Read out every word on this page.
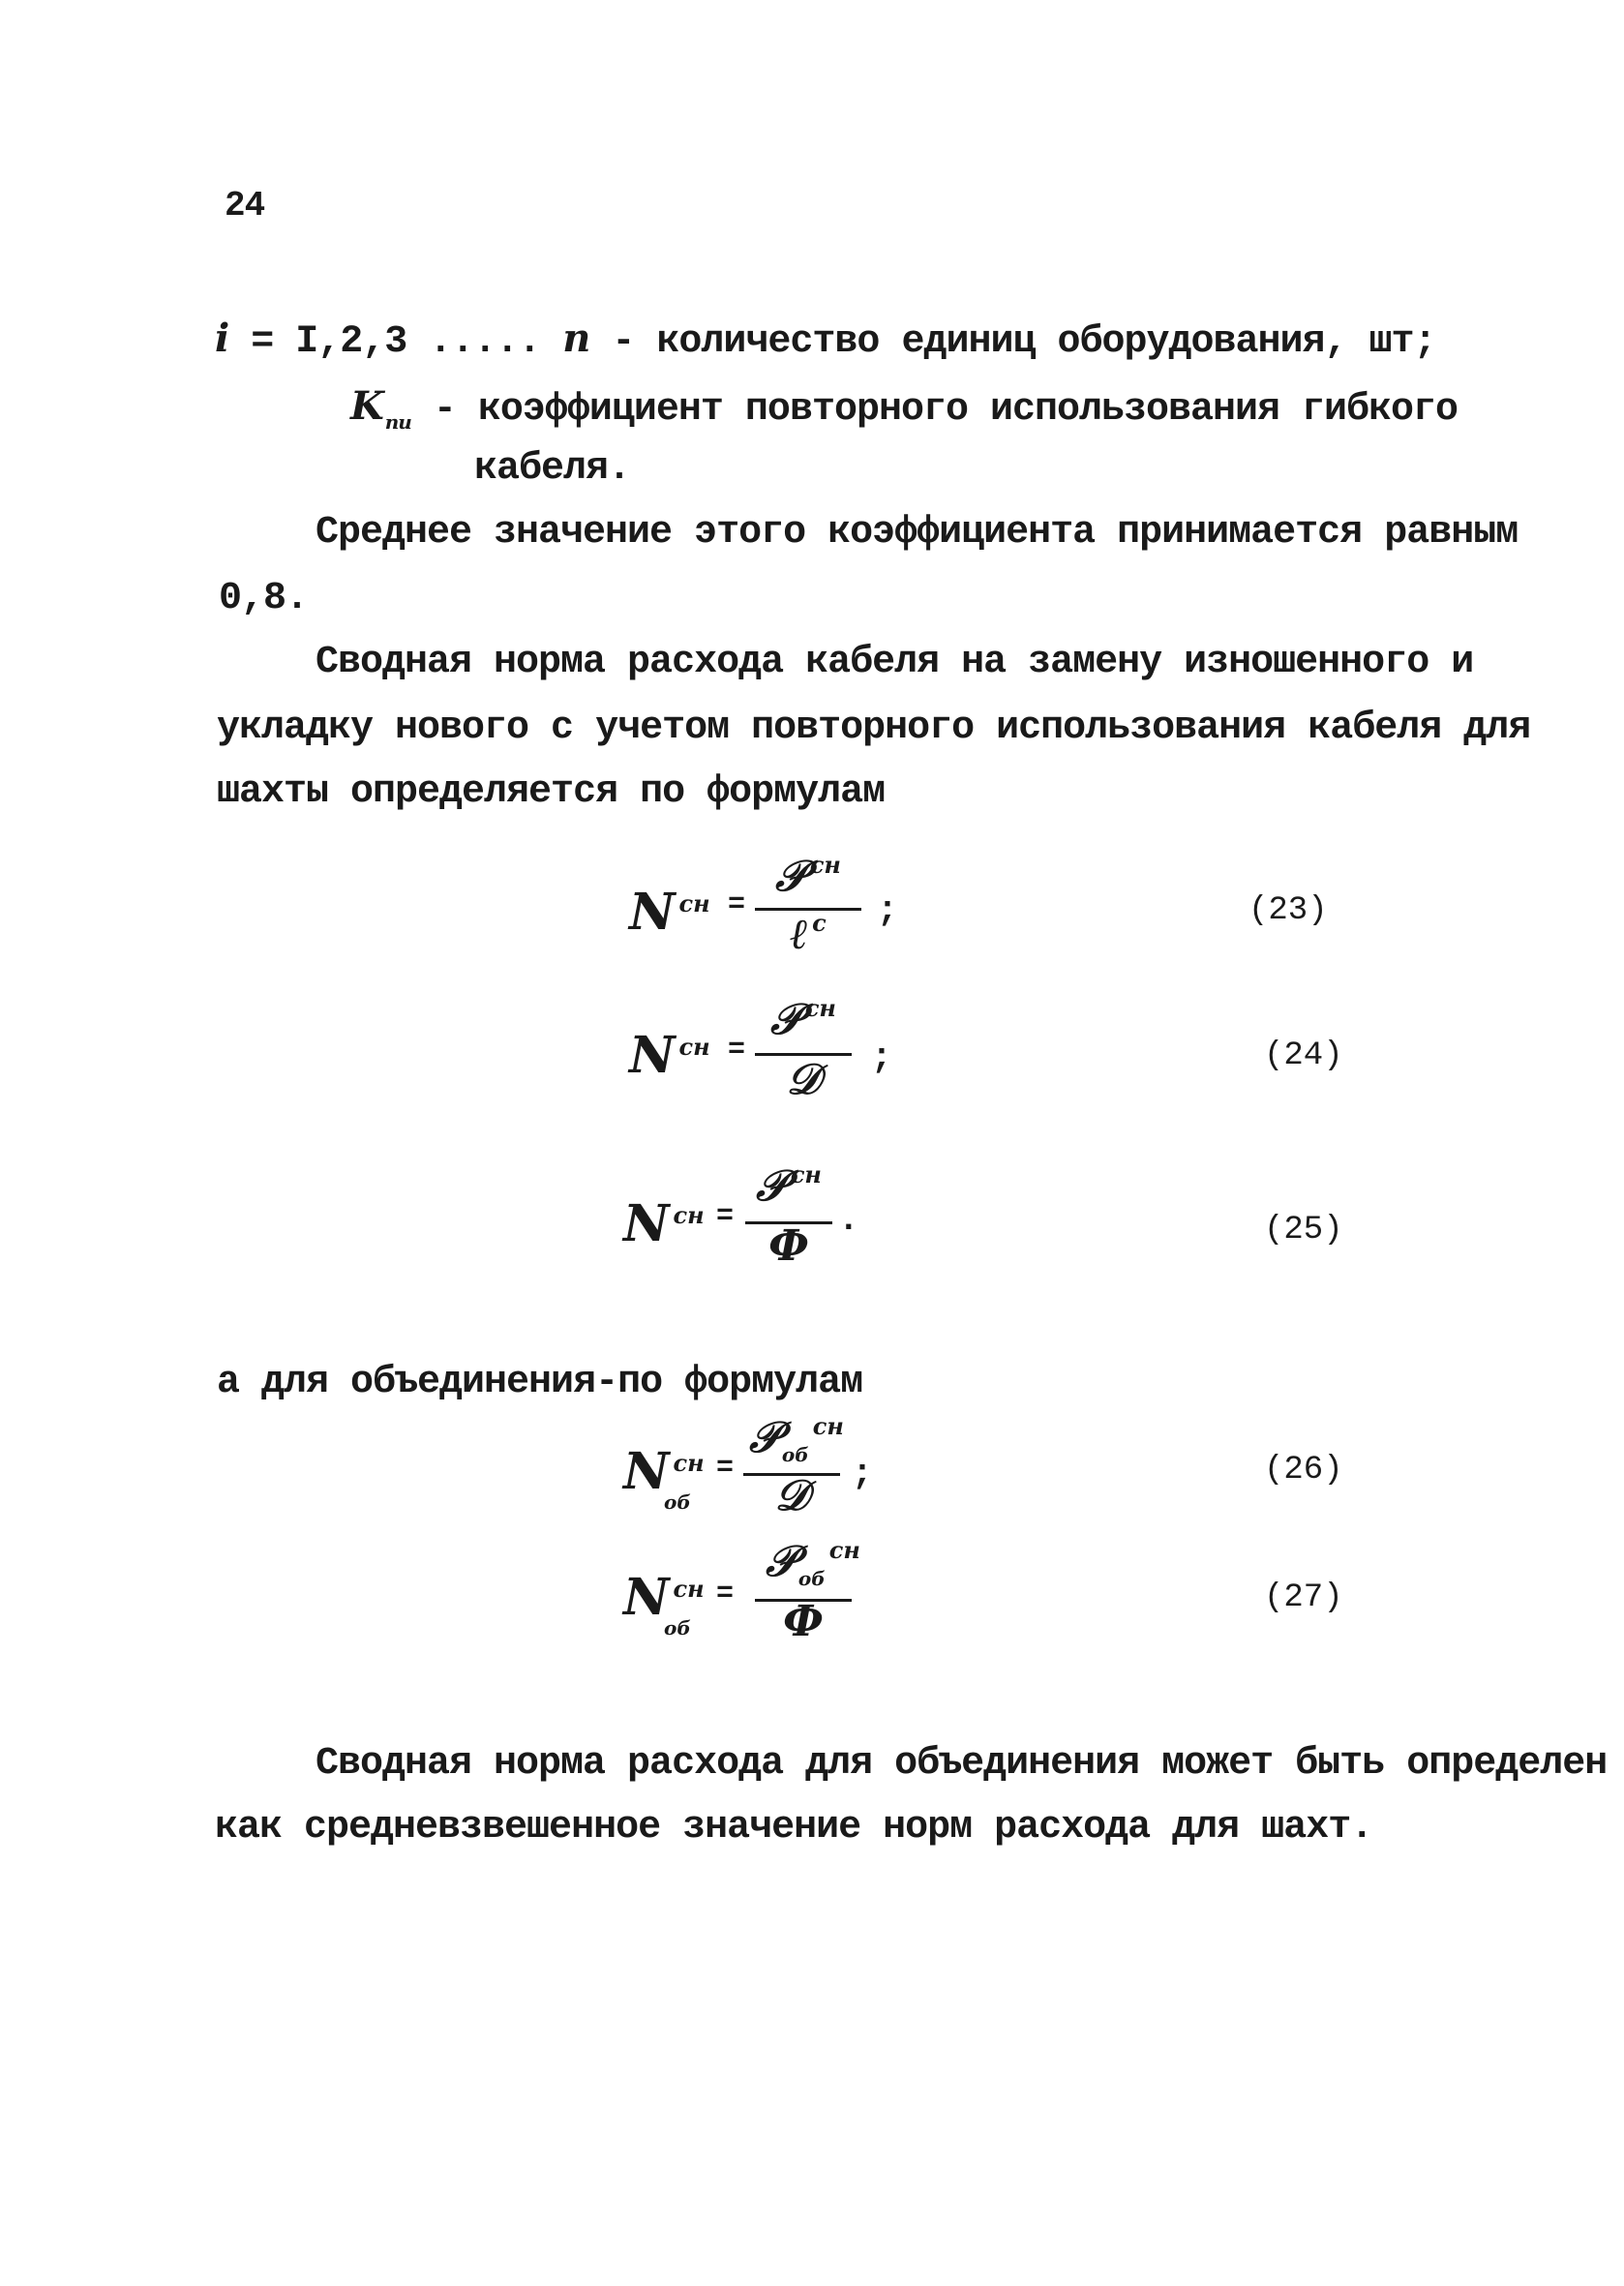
24
i = I,2,3 ..... n - количество единиц оборудования, шт;
K $_{пи}$ - коэффициент повторного использования гибкого
кабеля.
Среднее значение этого коэффициента принимается равным
0,8.
Сводная норма расхода кабеля на замену изношенного и
укладку нового с учетом повторного использования кабеля для
шахты определяется по формулам
N $^{сн}$ =
𝒫 $^{сн}$
ℓ $^с$	;	(23)
N $^{сн}$ =
𝒫 $^{сн}$
𝒟	;	(24)
N $^{сн}$ =
𝒫 $^{сн}$
Ф
.	(25)
а для объединения-по формулам
N $^{сн}$
об
=
𝒫 $_{об}^{сн}$
𝒟	;	(26)
N $^{сн}$
об
=
𝒫 $_{об}^{сн}$
Ф	(27)
Сводная норма расхода для объединения может быть определен
как средневзвешенное значение норм расхода для шахт.
